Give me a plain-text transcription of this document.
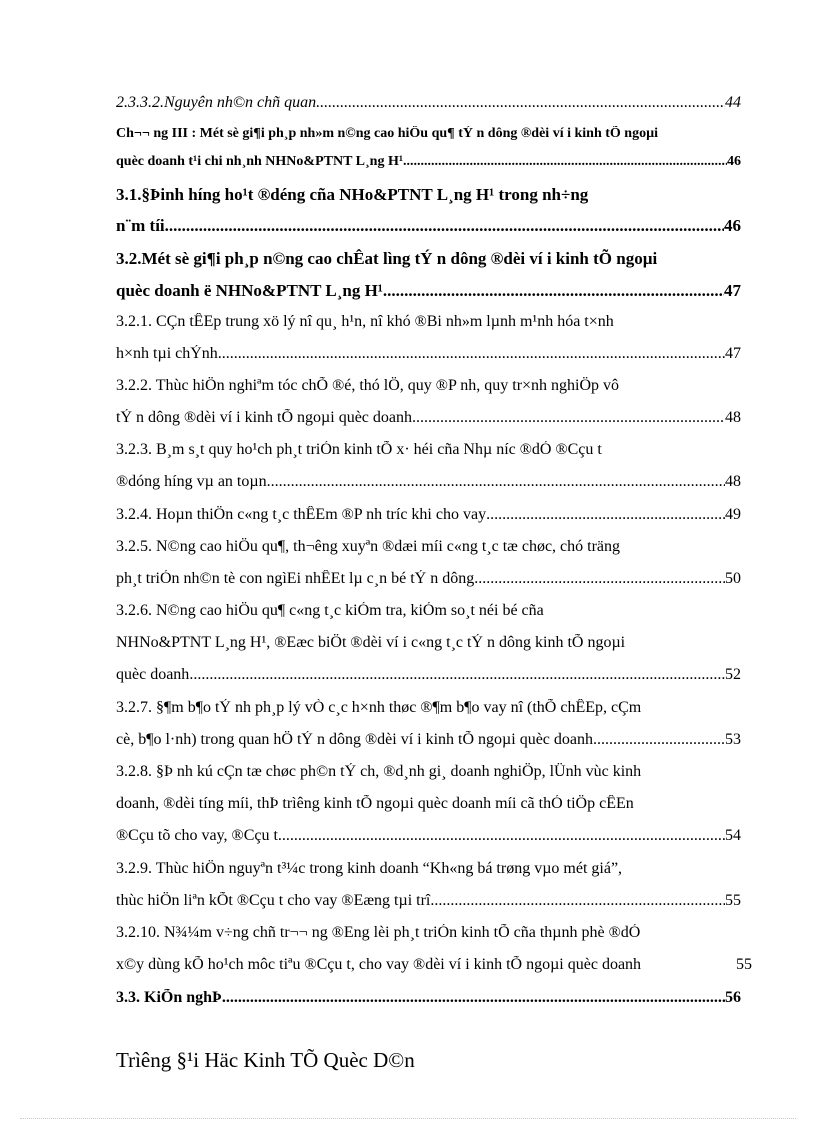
2.3.3.2.Nguyên nh©n chñ quan .....	44
Ch¬¬ ng III : Mét sè gi¶i ph¸p nh»m n©ng cao hiÖu qu¶ tÝ n dông ®dèi ví i kinh tÕ ngoµi
quèc doanh t¹i chi nh¸nh NHNo&PTNT L¸ng H¹. .....	46
3.1.§Þinh híng ho¹t ®déng cña NHo&PTNT L¸ng H¹ trong nh÷ng
n¨m tíi .....	46
3.2.Mét sè gi¶i ph¸p n©ng cao chÊat lìng tÝ n dông ®dèi ví i kinh tÕ ngoµi
quèc doanh ë NHNo&PTNT L¸ng H¹. .....	47
3.2.1. CÇn tÊEp trung xö lý nî qu¸ h¹n, nî khó ®Bi nh»m lµnh m¹nh hóa t×nh
h×nh tµi chÝnh .....	47
3.2.2. Thùc hiÖn nghiªm tóc chÕ ®é, thó lÖ, quy ®P nh, quy tr×nh nghiÖp vô
tÝ n dông ®dèi ví i kinh tÕ ngoµi quèc doanh .....	48
3.2.3. B¸m s¸t quy ho¹ch ph¸t triÓn kinh tÕ x· héi cña Nhµ níc ®dÓ ®Cçu t
®dóng híng vµ an toµn .....	48
3.2.4. Hoµn thiÖn c«ng t¸c thÊEm ®P nh tríc khi cho vay .....	49
3.2.5. N©ng cao hiÖu qu¶, th¬êng xuyªn ®dæi míi c«ng t¸c tæ chøc, chó träng
ph¸t triÓn nh©n tè con ngìEi nhÊEt lµ c¸n bé tÝ n dông .....	50
3.2.6. N©ng cao hiÖu qu¶ c«ng t¸c kiÓm tra, kiÓm so¸t néi bé cña
NHNo&PTNT L¸ng H¹, ®Eæc biÖt ®dèi ví i c«ng t¸c tÝ n dông kinh tÕ ngoµi
quèc doanh .....	52
3.2.7. §¶m b¶o tÝ nh ph¸p lý vÒ c¸c h×nh thøc ®¶m b¶o vay nî (thÕ chÊEp, cÇm
cè, b¶o l·nh) trong quan hÖ tÝ n dông ®dèi ví i kinh tÕ ngoµi quèc doanh .....	53
3.2.8. §Þ nh kú cÇn tæ chøc ph©n tÝ ch, ®d¸nh gi¸ doanh nghiÖp, lÜnh vùc kinh
doanh, ®dèi tíng míi, thÞ trìêng kinh tÕ ngoµi quèc doanh míi cã thÓ tiÖp cÊEn
®Cçu tõ cho vay, ®Cçu t .....	54
3.2.9. Thùc hiÖn nguyªn t³¼c trong kinh doanh “Kh«ng bá trøng vµo mét giá”,
thùc hiÖn liªn kÕt ®Cçu t cho vay ®Eæng tµi trî .....	55
3.2.10. N¾¼m v÷ng chñ tr¬¬ ng ®Eng lèi ph¸t triÓn kinh tÕ cña thµnh phè ®dÓ
x©y dùng kÕ ho¹ch môc tiªu ®Cçu t, cho vay ®dèi ví i kinh tÕ ngoµi quèc doanh	55
3.3. KiÕn nghÞ .....	56
Trìêng §¹i Häc Kinh TÕ Quèc D©n
